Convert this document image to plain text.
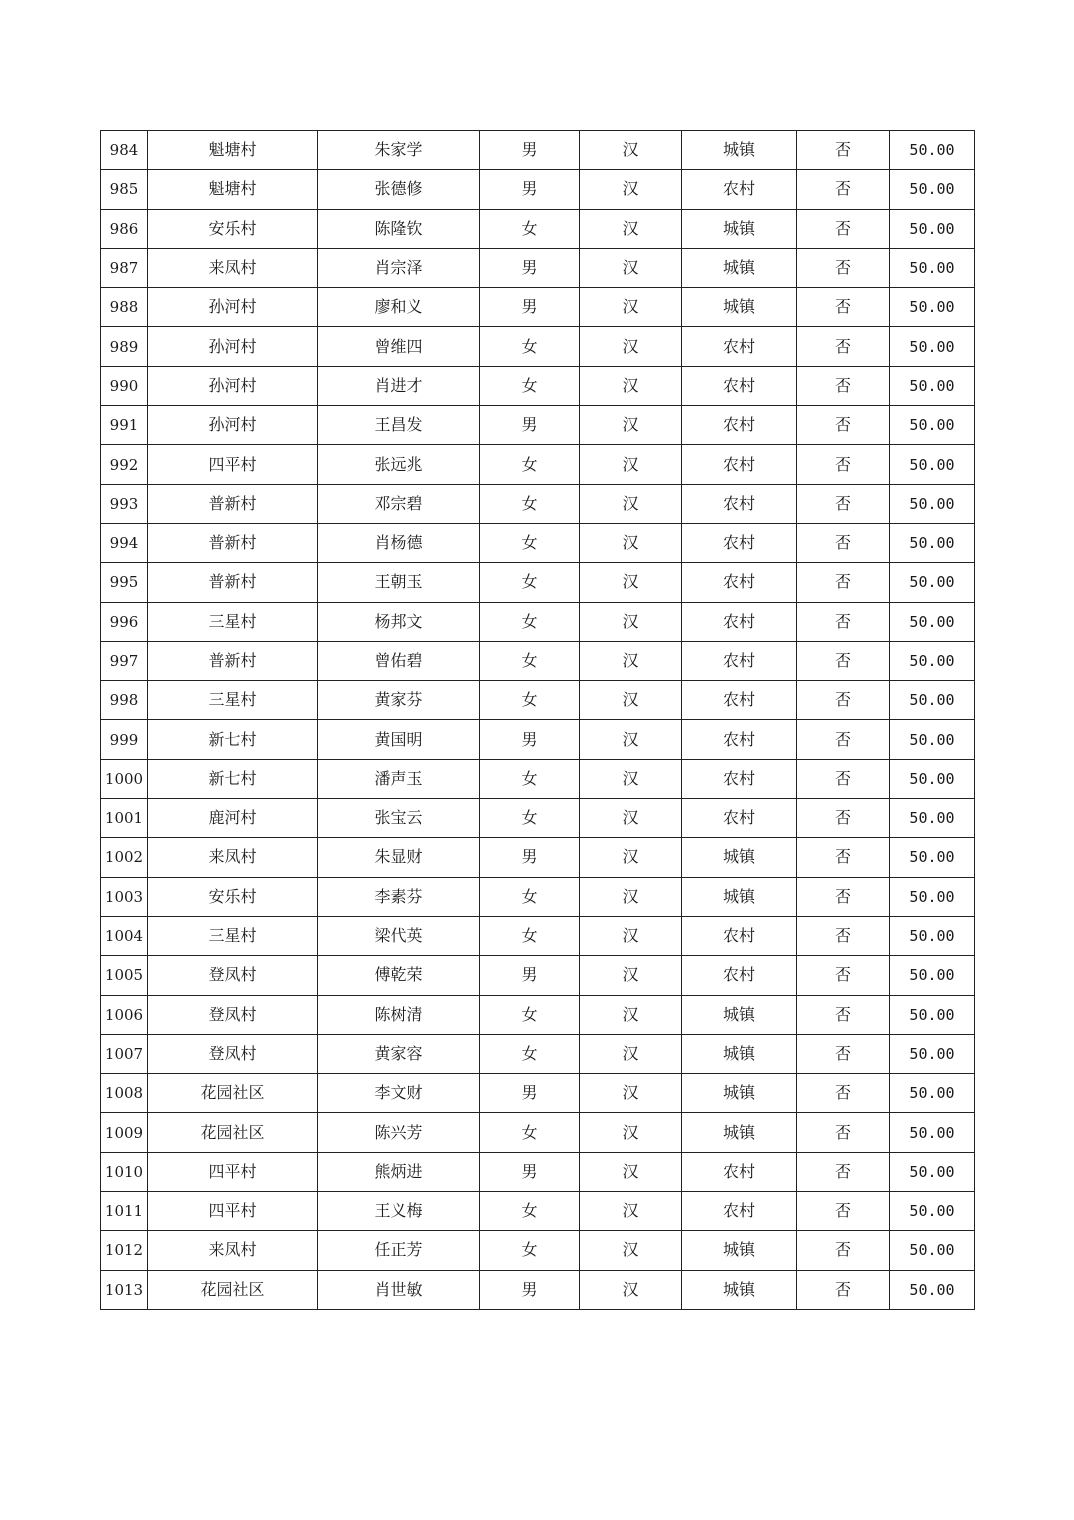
984	魁塘村	朱家学	男	汉	城镇	否	50.00
985	魁塘村	张德修	男	汉	农村	否	50.00
986	安乐村	陈隆钦	女	汉	城镇	否	50.00
987	来凤村	肖宗泽	男	汉	城镇	否	50.00
988	孙河村	廖和义	男	汉	城镇	否	50.00
989	孙河村	曾维四	女	汉	农村	否	50.00
990	孙河村	肖进才	女	汉	农村	否	50.00
991	孙河村	王昌发	男	汉	农村	否	50.00
992	四平村	张远兆	女	汉	农村	否	50.00
993	普新村	邓宗碧	女	汉	农村	否	50.00
994	普新村	肖杨德	女	汉	农村	否	50.00
995	普新村	王朝玉	女	汉	农村	否	50.00
996	三星村	杨邦文	女	汉	农村	否	50.00
997	普新村	曾佑碧	女	汉	农村	否	50.00
998	三星村	黄家芬	女	汉	农村	否	50.00
999	新七村	黄国明	男	汉	农村	否	50.00
1000	新七村	潘声玉	女	汉	农村	否	50.00
1001	鹿河村	张宝云	女	汉	农村	否	50.00
1002	来凤村	朱显财	男	汉	城镇	否	50.00
1003	安乐村	李素芬	女	汉	城镇	否	50.00
1004	三星村	梁代英	女	汉	农村	否	50.00
1005	登凤村	傅乾荣	男	汉	农村	否	50.00
1006	登凤村	陈树清	女	汉	城镇	否	50.00
1007	登凤村	黄家容	女	汉	城镇	否	50.00
1008	花园社区	李文财	男	汉	城镇	否	50.00
1009	花园社区	陈兴芳	女	汉	城镇	否	50.00
1010	四平村	熊炳进	男	汉	农村	否	50.00
1011	四平村	王义梅	女	汉	农村	否	50.00
1012	来凤村	任正芳	女	汉	城镇	否	50.00
1013	花园社区	肖世敏	男	汉	城镇	否	50.00
